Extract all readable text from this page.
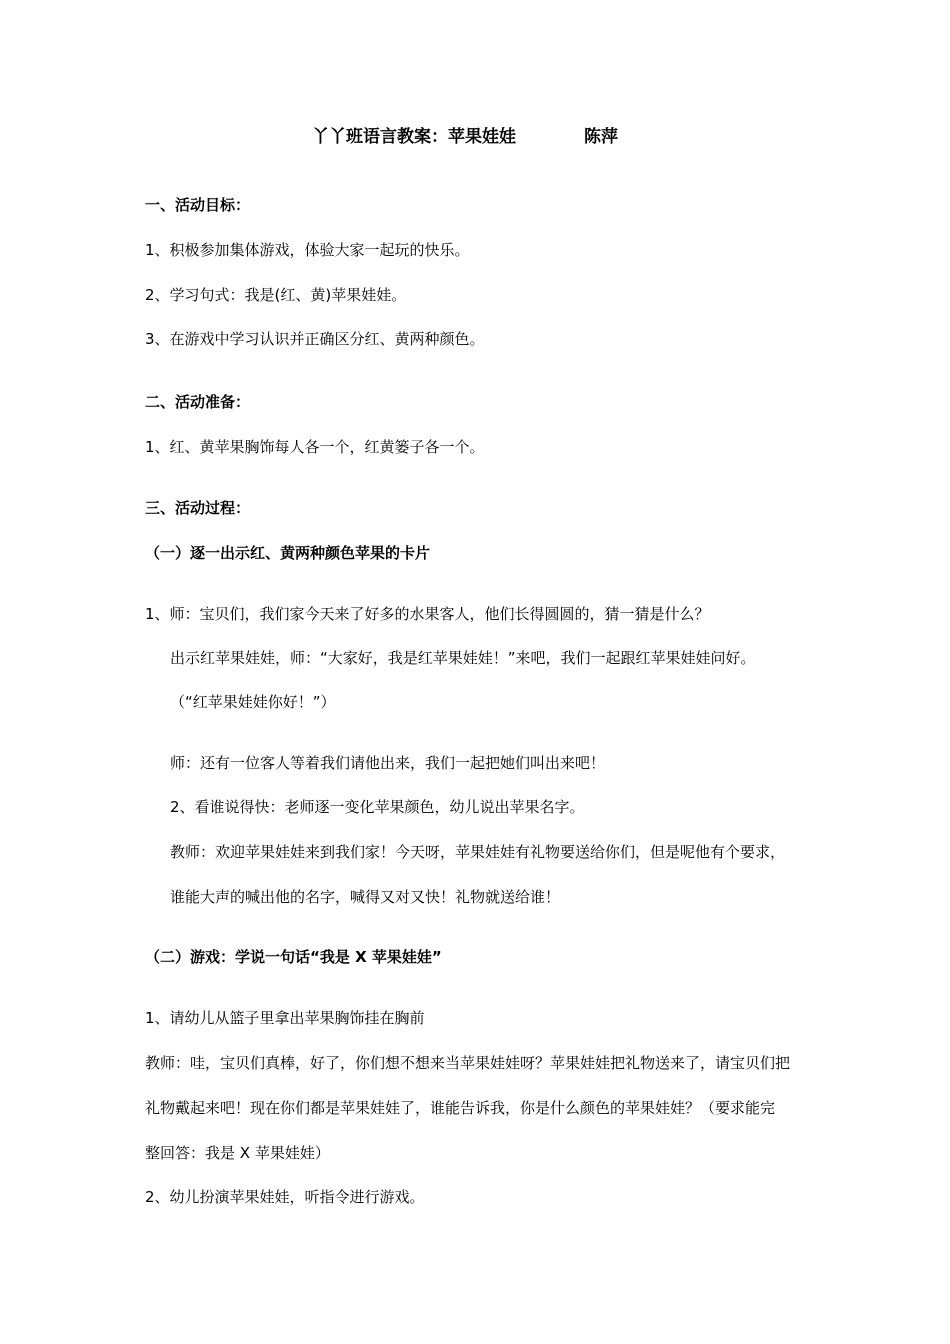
丫丫班语言教案：苹果娃娃	陈萍
一、活动目标：
1、积极参加集体游戏，体验大家一起玩的快乐。
2、学习句式：我是(红、黄)苹果娃娃。
3、在游戏中学习认识并正确区分红、黄两种颜色。
二、活动准备：
1、红、黄苹果胸饰每人各一个，红黄篓子各一个。
三、活动过程：
（一）逐一出示红、黄两种颜色苹果的卡片
1、师：宝贝们，我们家今天来了好多的水果客人，他们长得圆圆的，猜一猜是什么？
出示红苹果娃娃，师：“大家好，我是红苹果娃娃！”来吧，我们一起跟红苹果娃娃问好。
（“红苹果娃娃你好！”）
师：还有一位客人等着我们请他出来，我们一起把她们叫出来吧！
2、看谁说得快：老师逐一变化苹果颜色，幼儿说出苹果名字。
教师：欢迎苹果娃娃来到我们家！今天呀，苹果娃娃有礼物要送给你们，但是呢他有个要求，
谁能大声的喊出他的名字，喊得又对又快！礼物就送给谁！
（二）游戏：学说一句话“我是 X 苹果娃娃”
1、请幼儿从篮子里拿出苹果胸饰挂在胸前
教师：哇，宝贝们真棒，好了，你们想不想来当苹果娃娃呀？苹果娃娃把礼物送来了，请宝贝们把
礼物戴起来吧！现在你们都是苹果娃娃了，谁能告诉我，你是什么颜色的苹果娃娃？（要求能完
整回答：我是 X 苹果娃娃）
2、幼儿扮演苹果娃娃，听指令进行游戏。
